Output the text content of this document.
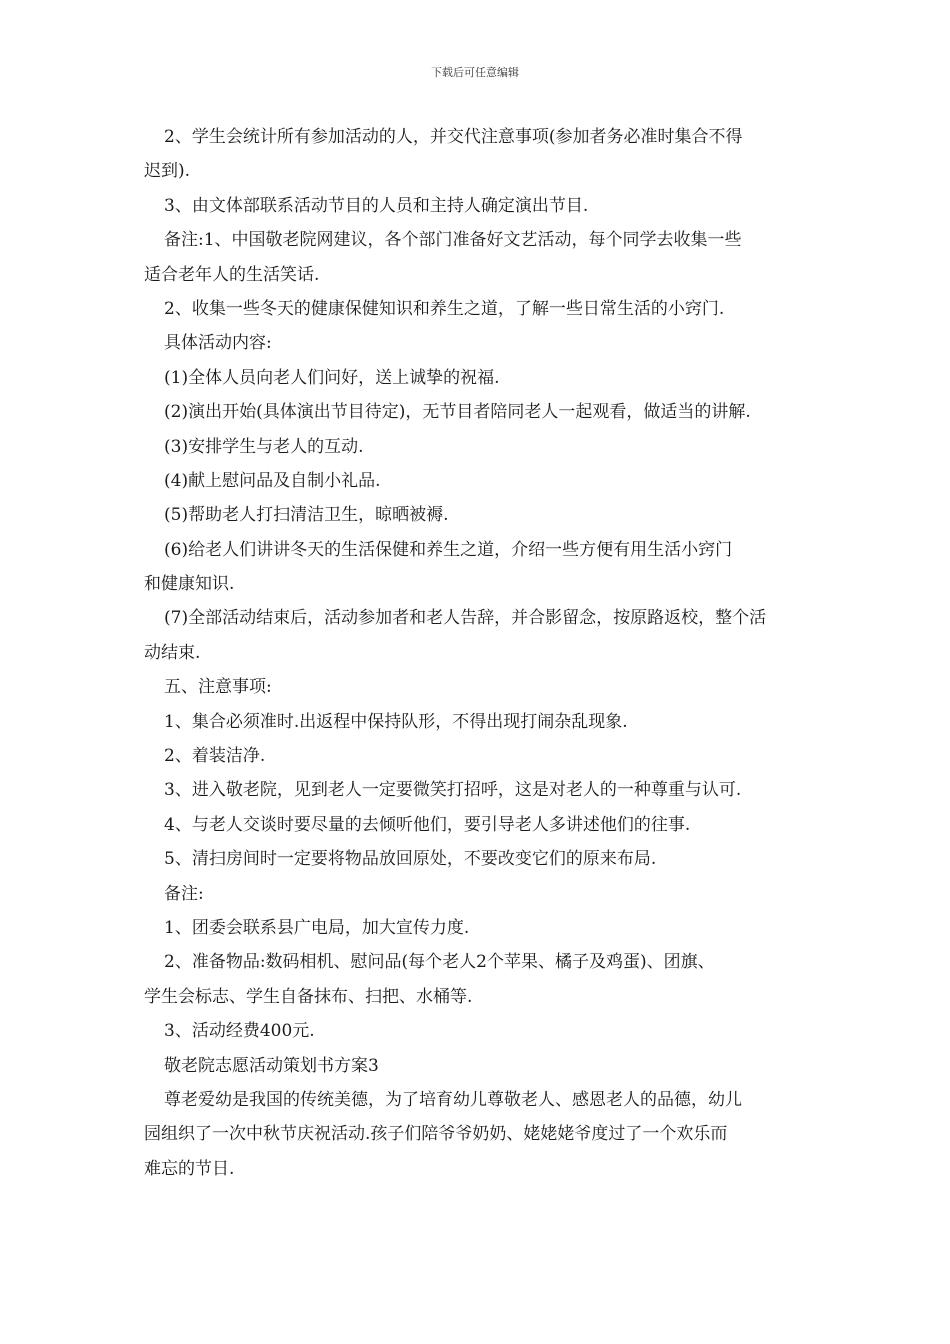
下载后可任意编辑
2、学生会统计所有参加活动的人，并交代注意事项(参加者务必准时集合不得
迟到).
3、由文体部联系活动节目的人员和主持人确定演出节目.
备注:1、中国敬老院网建议，各个部门准备好文艺活动，每个同学去收集一些
适合老年人的生活笑话.
2、收集一些冬天的健康保健知识和养生之道，了解一些日常生活的小窍门.
具体活动内容:
(1)全体人员向老人们问好，送上诚挚的祝福.
(2)演出开始(具体演出节目待定)，无节目者陪同老人一起观看，做适当的讲解.
(3)安排学生与老人的互动.
(4)献上慰问品及自制小礼品.
(5)帮助老人打扫清洁卫生，晾晒被褥.
(6)给老人们讲讲冬天的生活保健和养生之道，介绍一些方便有用生活小窍门
和健康知识.
(7)全部活动结束后，活动参加者和老人告辞，并合影留念，按原路返校，整个活
动结束.
五、注意事项:
1、集合必须准时.出返程中保持队形，不得出现打闹杂乱现象.
2、着装洁净.
3、进入敬老院，见到老人一定要微笑打招呼，这是对老人的一种尊重与认可.
4、与老人交谈时要尽量的去倾听他们，要引导老人多讲述他们的往事.
5、清扫房间时一定要将物品放回原处，不要改变它们的原来布局.
备注:
1、团委会联系县广电局，加大宣传力度.
2、准备物品:数码相机、慰问品(每个老人2个苹果、橘子及鸡蛋)、团旗、
学生会标志、学生自备抹布、扫把、水桶等.
3、活动经费400元.
敬老院志愿活动策划书方案3
尊老爱幼是我国的传统美德，为了培育幼儿尊敬老人、感恩老人的品德，幼儿
园组织了一次中秋节庆祝活动.孩子们陪爷爷奶奶、姥姥姥爷度过了一个欢乐而
难忘的节日.
